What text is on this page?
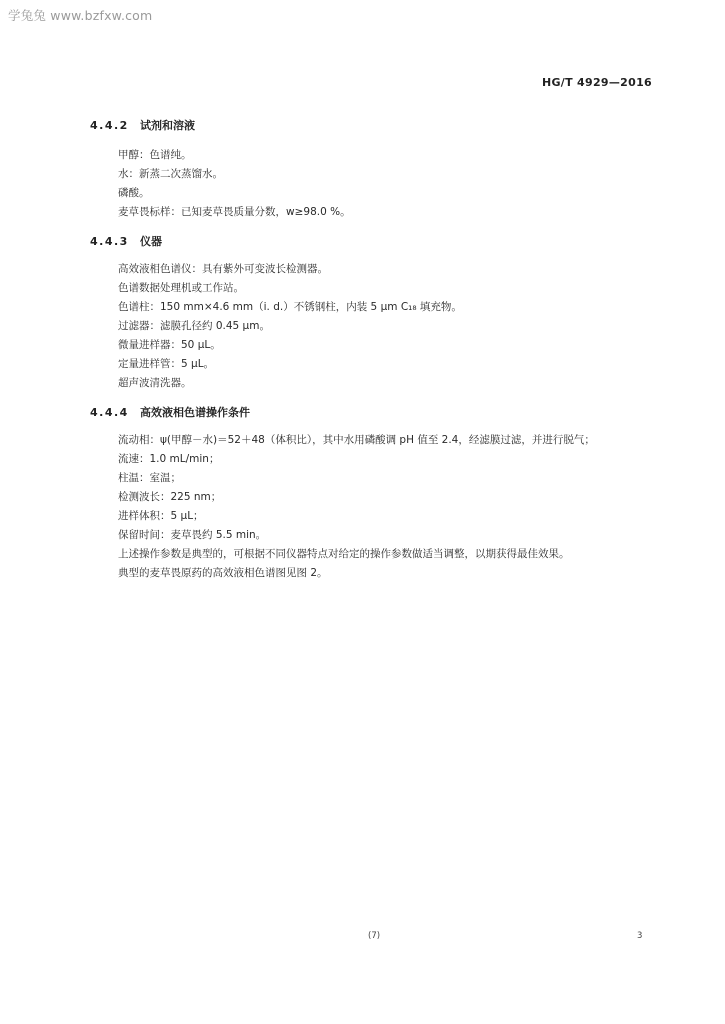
学兔兔 www.bzfxw.com
HG/T 4929—2016
4.4.2 试剂和溶液
甲醇：色谱纯。
水：新蒸二次蒸馏水。
磷酸。
麦草畏标样：已知麦草畏质量分数，w≥98.0 %。
4.4.3 仪器
高效液相色谱仪：具有紫外可变波长检测器。
色谱数据处理机或工作站。
色谱柱：150 mm×4.6 mm（i. d.）不锈钢柱，内装 5 μm C₁₈ 填充物。
过滤器：滤膜孔径约 0.45 μm。
微量进样器：50 μL。
定量进样管：5 μL。
超声波清洗器。
4.4.4 高效液相色谱操作条件

流动相：ψ(甲醇－水)＝52＋48（体积比），其中水用磷酸调 pH 值至 2.4，经滤膜过滤，并进行脱气；

流速：1.0 mL/min；
柱温：室温；
检测波长：225 nm；
进样体积：5 μL；
保留时间：麦草畏约 5.5 min。

上述操作参数是典型的，可根据不同仪器特点对给定的操作参数做适当调整，以期获得最佳效果。

典型的麦草畏原药的高效液相色谱图见图 2。

(7)	3
